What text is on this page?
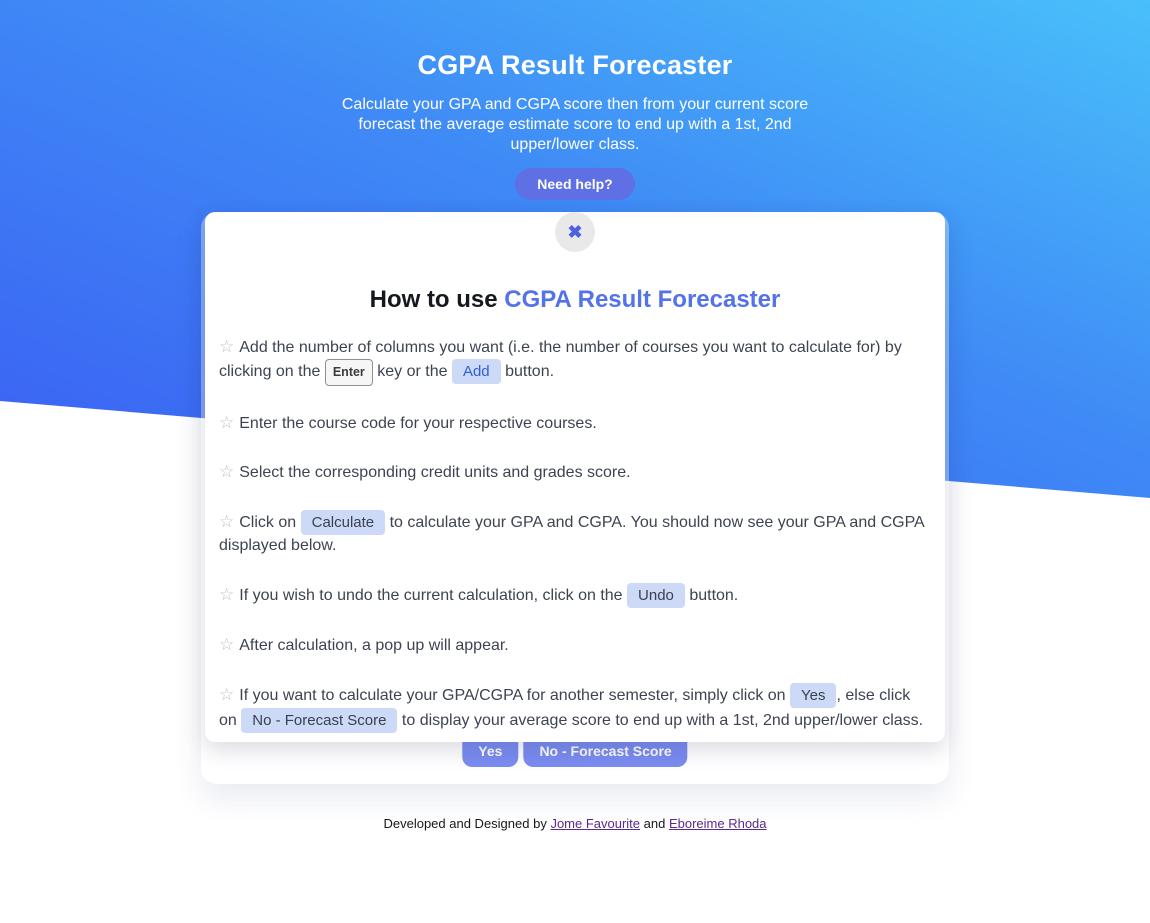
CGPA Result Forecaster
Calculate your GPA and CGPA score then from your current score forecast the average estimate score to end up with a 1st, 2nd upper/lower class.
Need help?
Yes	No - Forecast Score
✖
How to use CGPA Result Forecaster

☆ Add the number of columns you want (i.e. the number of courses you want to calculate for) by clicking on the Enter key or the Add button.

☆ Enter the course code for your respective courses.

☆ Select the corresponding credit units and grades score.

☆ Click on Calculate to calculate your GPA and CGPA. You should now see your GPA and CGPA displayed below.

☆ If you wish to undo the current calculation, click on the Undo button.

☆ After calculation, a pop up will appear.

☆ If you want to calculate your GPA/CGPA for another semester, simply click on Yes , else click on No - Forecast Score to display your average score to end up with a 1st, 2nd upper/lower class.

Developed and Designed by Jome Favourite and Eboreime Rhoda
